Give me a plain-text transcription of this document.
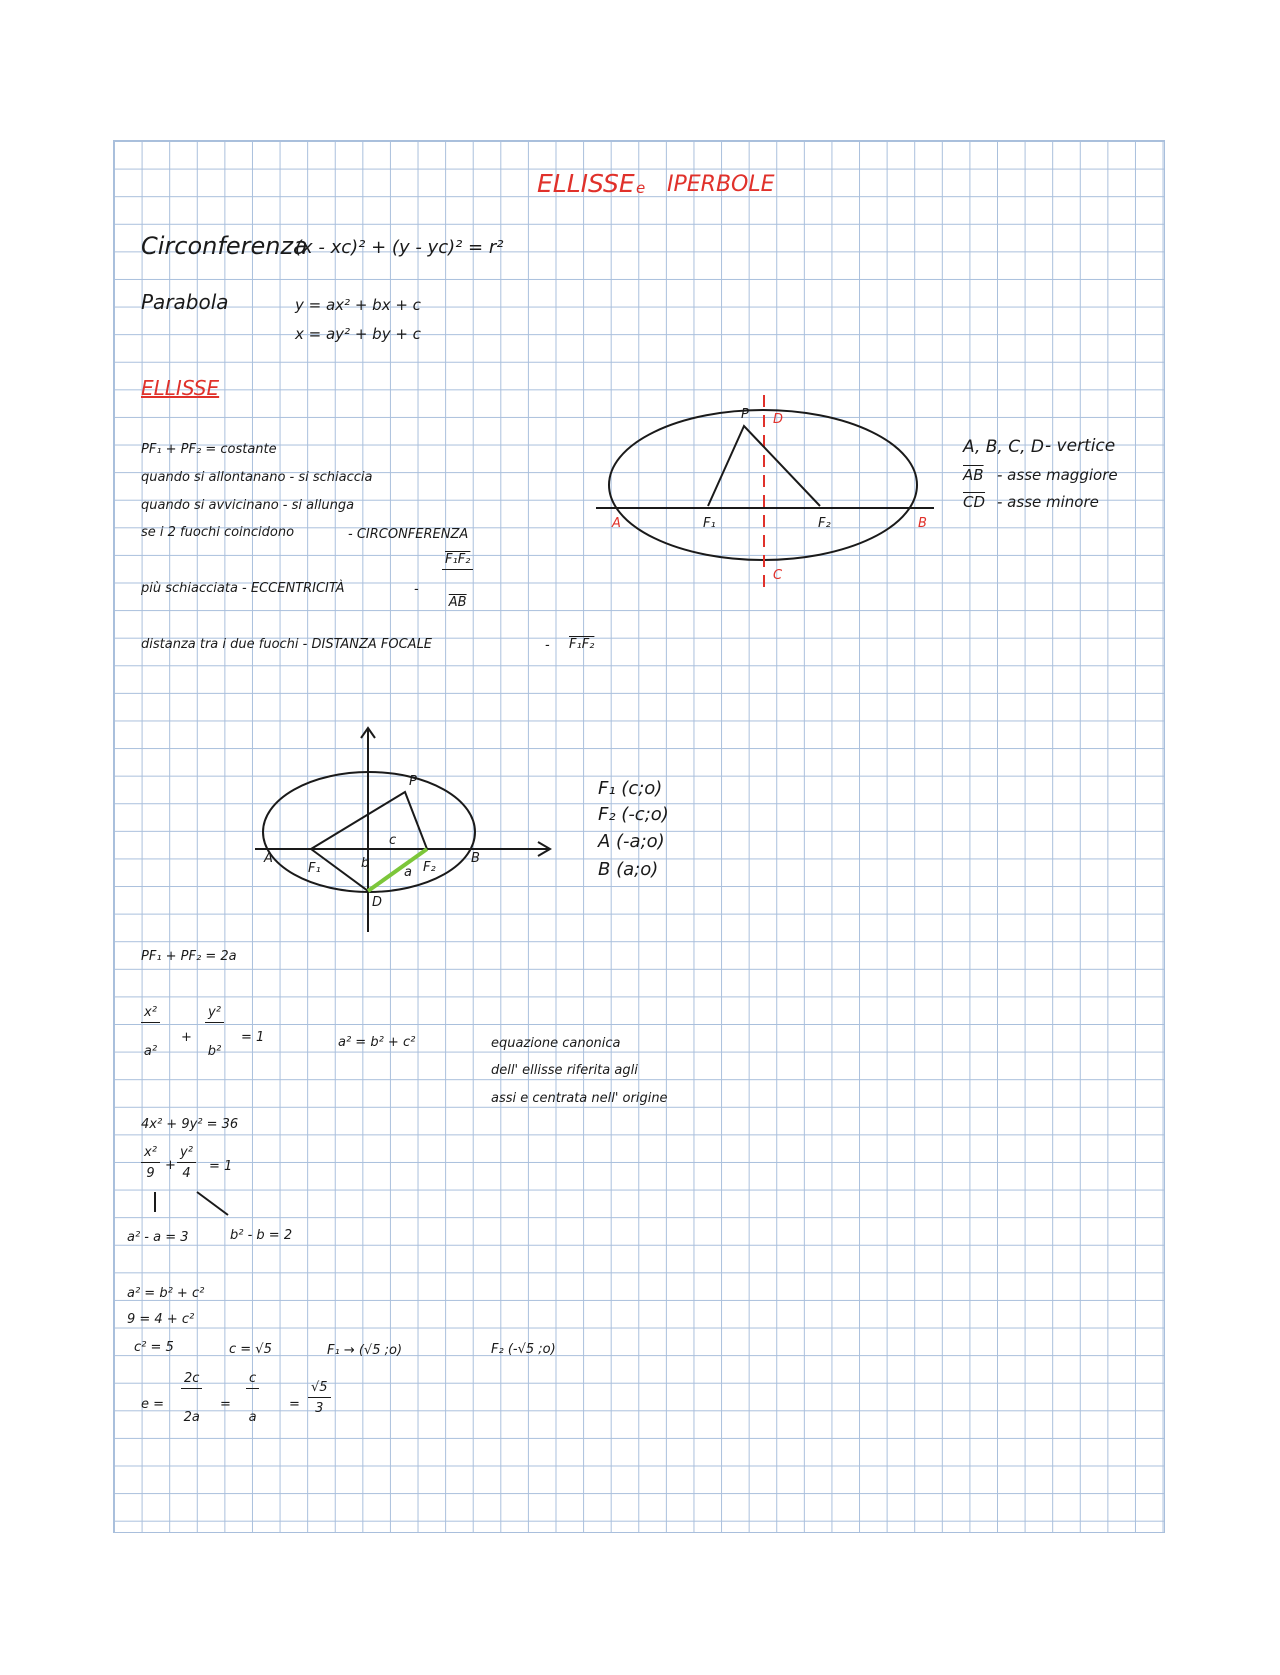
ELLISSE e IPERBOLE
Circonferenza
(x - xc)² + (y - yc)² = r²
Parabola	y = ax² + bx + c
x = ay² + by + c
ELLISSE
PF₁ + PF₂ = costante
quando si allontanano - si schiaccia
quando si avvicinano - si allunga
se i 2 fuochi coincidono	- CIRCONFERENZA
più schiacciata - ECCENTRICITÀ	- $\frac{\text{F₁F₂}}{AB}$
distanza tra i due fuochi - DISTANZA FOCALE	- F₁F₂
P D
C
A	B
F₁	F₂
A, B, C, D - vertice
$\overline{AB}$ - asse maggiore
$\overline{CD}$ - asse minore
P
c
A	B
F₁	F₂
b
a
D
F₁ (c;o)
F₂ (-c;o)
A (-a;o)
B (a;o)
PF₁ + PF₂ = 2a
$\frac{\text{x²}}{\text{a²}} + \frac{\text{y²}}{\text{b²}} = 1$	a² = b² + c²	equazione canonica
dell' ellisse riferita agli
assi e centrata nell' origine
4x² + 9y² = 36
$\frac{\text{x²}}{9} + \frac{\text{y²}}{4} = 1$
a² - a = 3	b² - b = 2
a² = b² + c²
9 = 4 + c²
c² = 5	c = √5	F₁ → (√5 ;o)	F₂ (-√5 ;o)
$e = \frac{2c}{2a} = \frac{c}{a} = \frac{√5}{3}$
